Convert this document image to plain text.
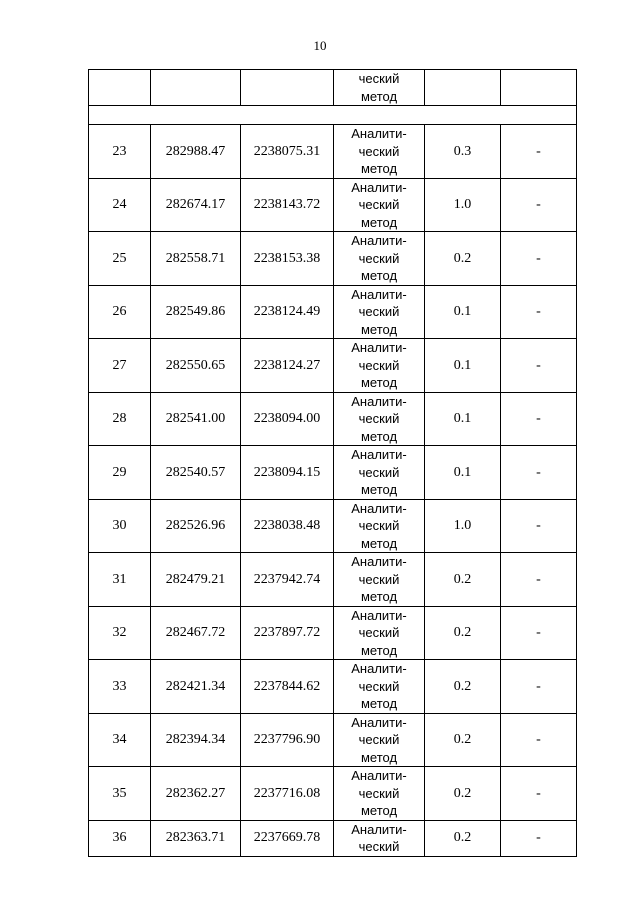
10

			ческий
метод		

23	282988.47	2238075.31	Аналити-
ческий
метод	0.3	-
24	282674.17	2238143.72	Аналити-
ческий
метод	1.0	-
25	282558.71	2238153.38	Аналити-
ческий
метод	0.2	-
26	282549.86	2238124.49	Аналити-
ческий
метод	0.1	-
27	282550.65	2238124.27	Аналити-
ческий
метод	0.1	-
28	282541.00	2238094.00	Аналити-
ческий
метод	0.1	-
29	282540.57	2238094.15	Аналити-
ческий
метод	0.1	-
30	282526.96	2238038.48	Аналити-
ческий
метод	1.0	-
31	282479.21	2237942.74	Аналити-
ческий
метод	0.2	-
32	282467.72	2237897.72	Аналити-
ческий
метод	0.2	-
33	282421.34	2237844.62	Аналити-
ческий
метод	0.2	-
34	282394.34	2237796.90	Аналити-
ческий
метод	0.2	-
35	282362.27	2237716.08	Аналити-
ческий
метод	0.2	-
36	282363.71	2237669.78	Аналити-
ческий	0.2	-
